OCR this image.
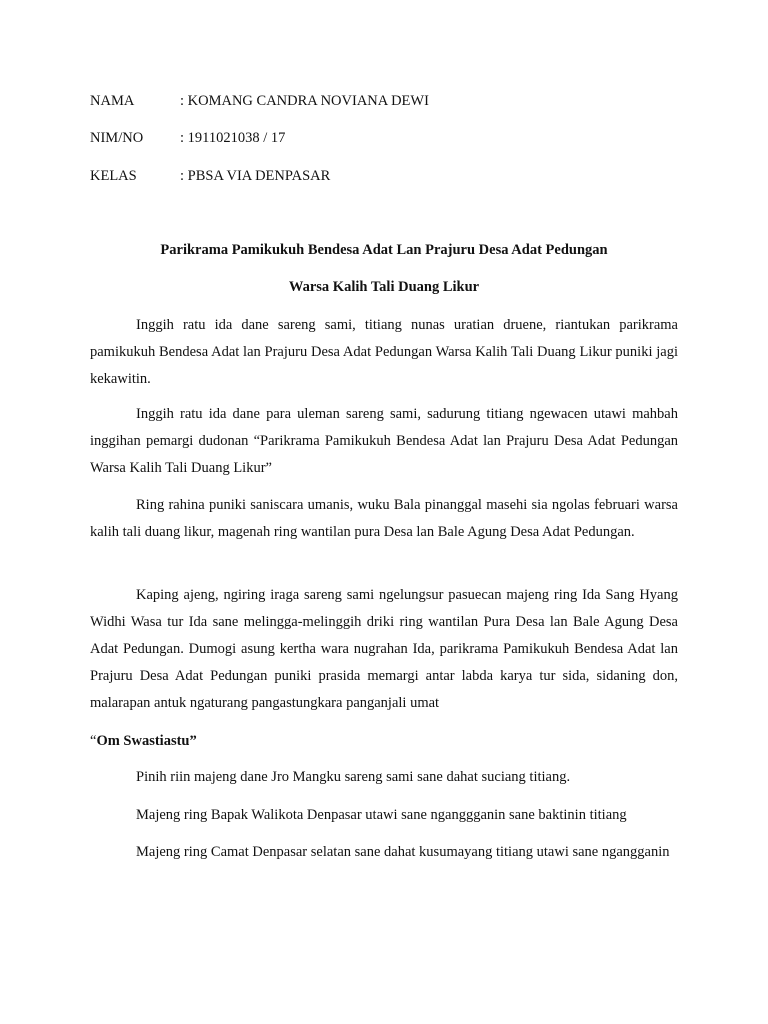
NAMA	: KOMANG CANDRA NOVIANA DEWI
NIM/NO	: 1911021038 / 17
KELAS	: PBSA VIA DENPASAR
Parikrama Pamikukuh Bendesa Adat Lan Prajuru Desa Adat Pedungan
Warsa Kalih Tali Duang Likur

Inggih ratu ida dane sareng sami, titiang nunas uratian druene, riantukan parikrama pamikukuh Bendesa Adat lan Prajuru Desa Adat Pedungan Warsa Kalih Tali Duang Likur puniki jagi kekawitin.

Inggih ratu ida dane para uleman sareng sami, sadurung titiang ngewacen utawi mahbah inggihan pemargi dudonan “Parikrama Pamikukuh Bendesa Adat lan Prajuru Desa Adat Pedungan Warsa Kalih Tali Duang Likur”

Ring rahina puniki saniscara umanis, wuku Bala pinanggal masehi sia ngolas februari warsa kalih tali duang likur, magenah ring wantilan pura Desa lan Bale Agung Desa Adat Pedungan.

Kaping ajeng, ngiring iraga sareng sami ngelungsur pasuecan majeng ring Ida Sang Hyang Widhi Wasa tur Ida sane melingga-melinggih driki ring wantilan Pura Desa lan Bale Agung Desa Adat Pedungan. Dumogi asung kertha wara nugrahan Ida, parikrama Pamikukuh Bendesa Adat lan Prajuru Desa Adat Pedungan puniki prasida memargi antar labda karya tur sida, sidaning don, malarapan antuk ngaturang pangastungkara panganjali umat

“Om Swastiastu”

Pinih riin majeng dane Jro Mangku sareng sami sane dahat suciang titiang.

Majeng ring Bapak Walikota Denpasar utawi sane nganggganin sane baktinin titiang

Majeng ring Camat Denpasar selatan sane dahat kusumayang titiang utawi sane ngangganin
